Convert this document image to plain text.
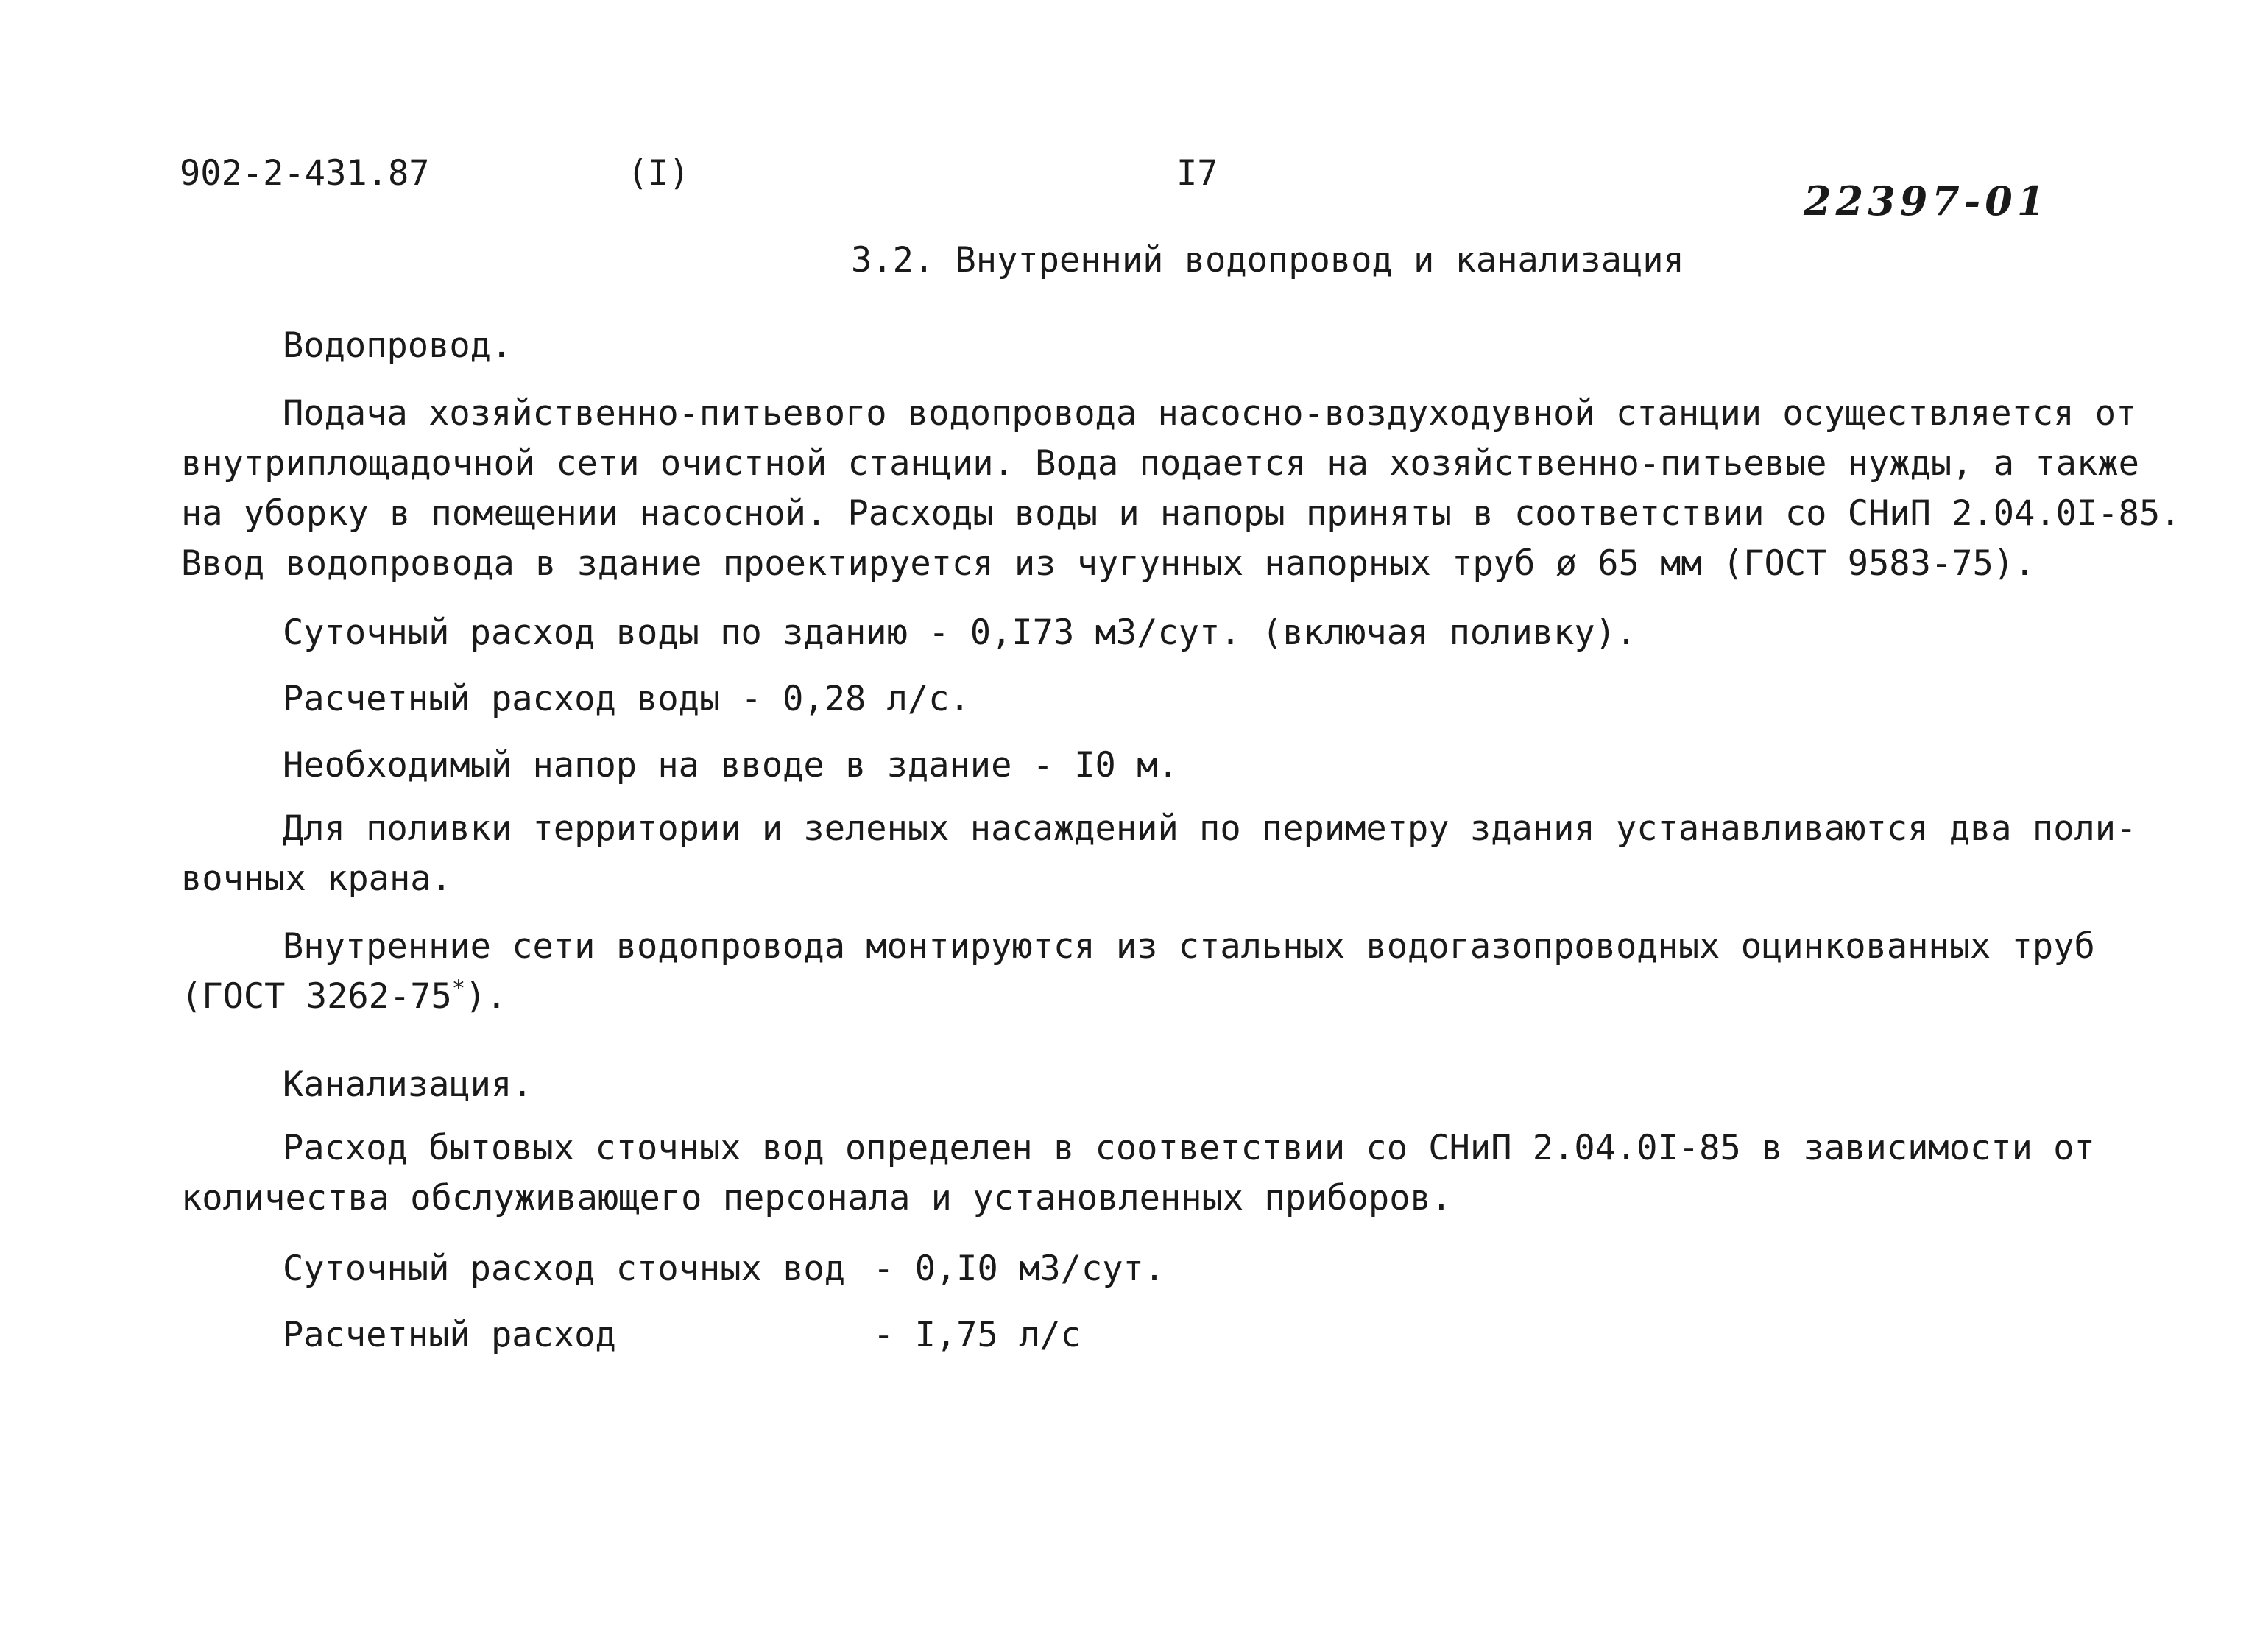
902-2-431.87	(I)	I7
22397-01
3.2. Внутренний водопровод и канализация
Водопровод.
Подача хозяйственно-питьевого водопровода насосно-воздуходувной станции осуществляется от
внутриплощадочной сети очистной станции. Вода подается на хозяйственно-питьевые нужды, а также
на уборку в помещении насосной. Расходы воды и напоры приняты в соответствии со СНиП 2.04.0I-85.
Ввод водопровода в здание проектируется из чугунных напорных труб ø 65 мм (ГОСТ 9583-75).
Суточный расход воды по зданию - 0,I73 м3/сут. (включая поливку).
Расчетный расход воды - 0,28 л/с.
Необходимый напор на вводе в здание - I0 м.
Для поливки территории и зеленых насаждений по периметру здания устанавливаются два поли-
вочных крана.
Внутренние сети водопровода монтируются из стальных водогазопроводных оцинкованных труб
(ГОСТ 3262-75*).
Канализация.
Расход бытовых сточных вод определен в соответствии со СНиП 2.04.0I-85 в зависимости от
количества обслуживающего персонала и установленных приборов.
Суточный расход сточных вод - 0,I0 м3/сут.
Расчетный расход	- I,75 л/с
